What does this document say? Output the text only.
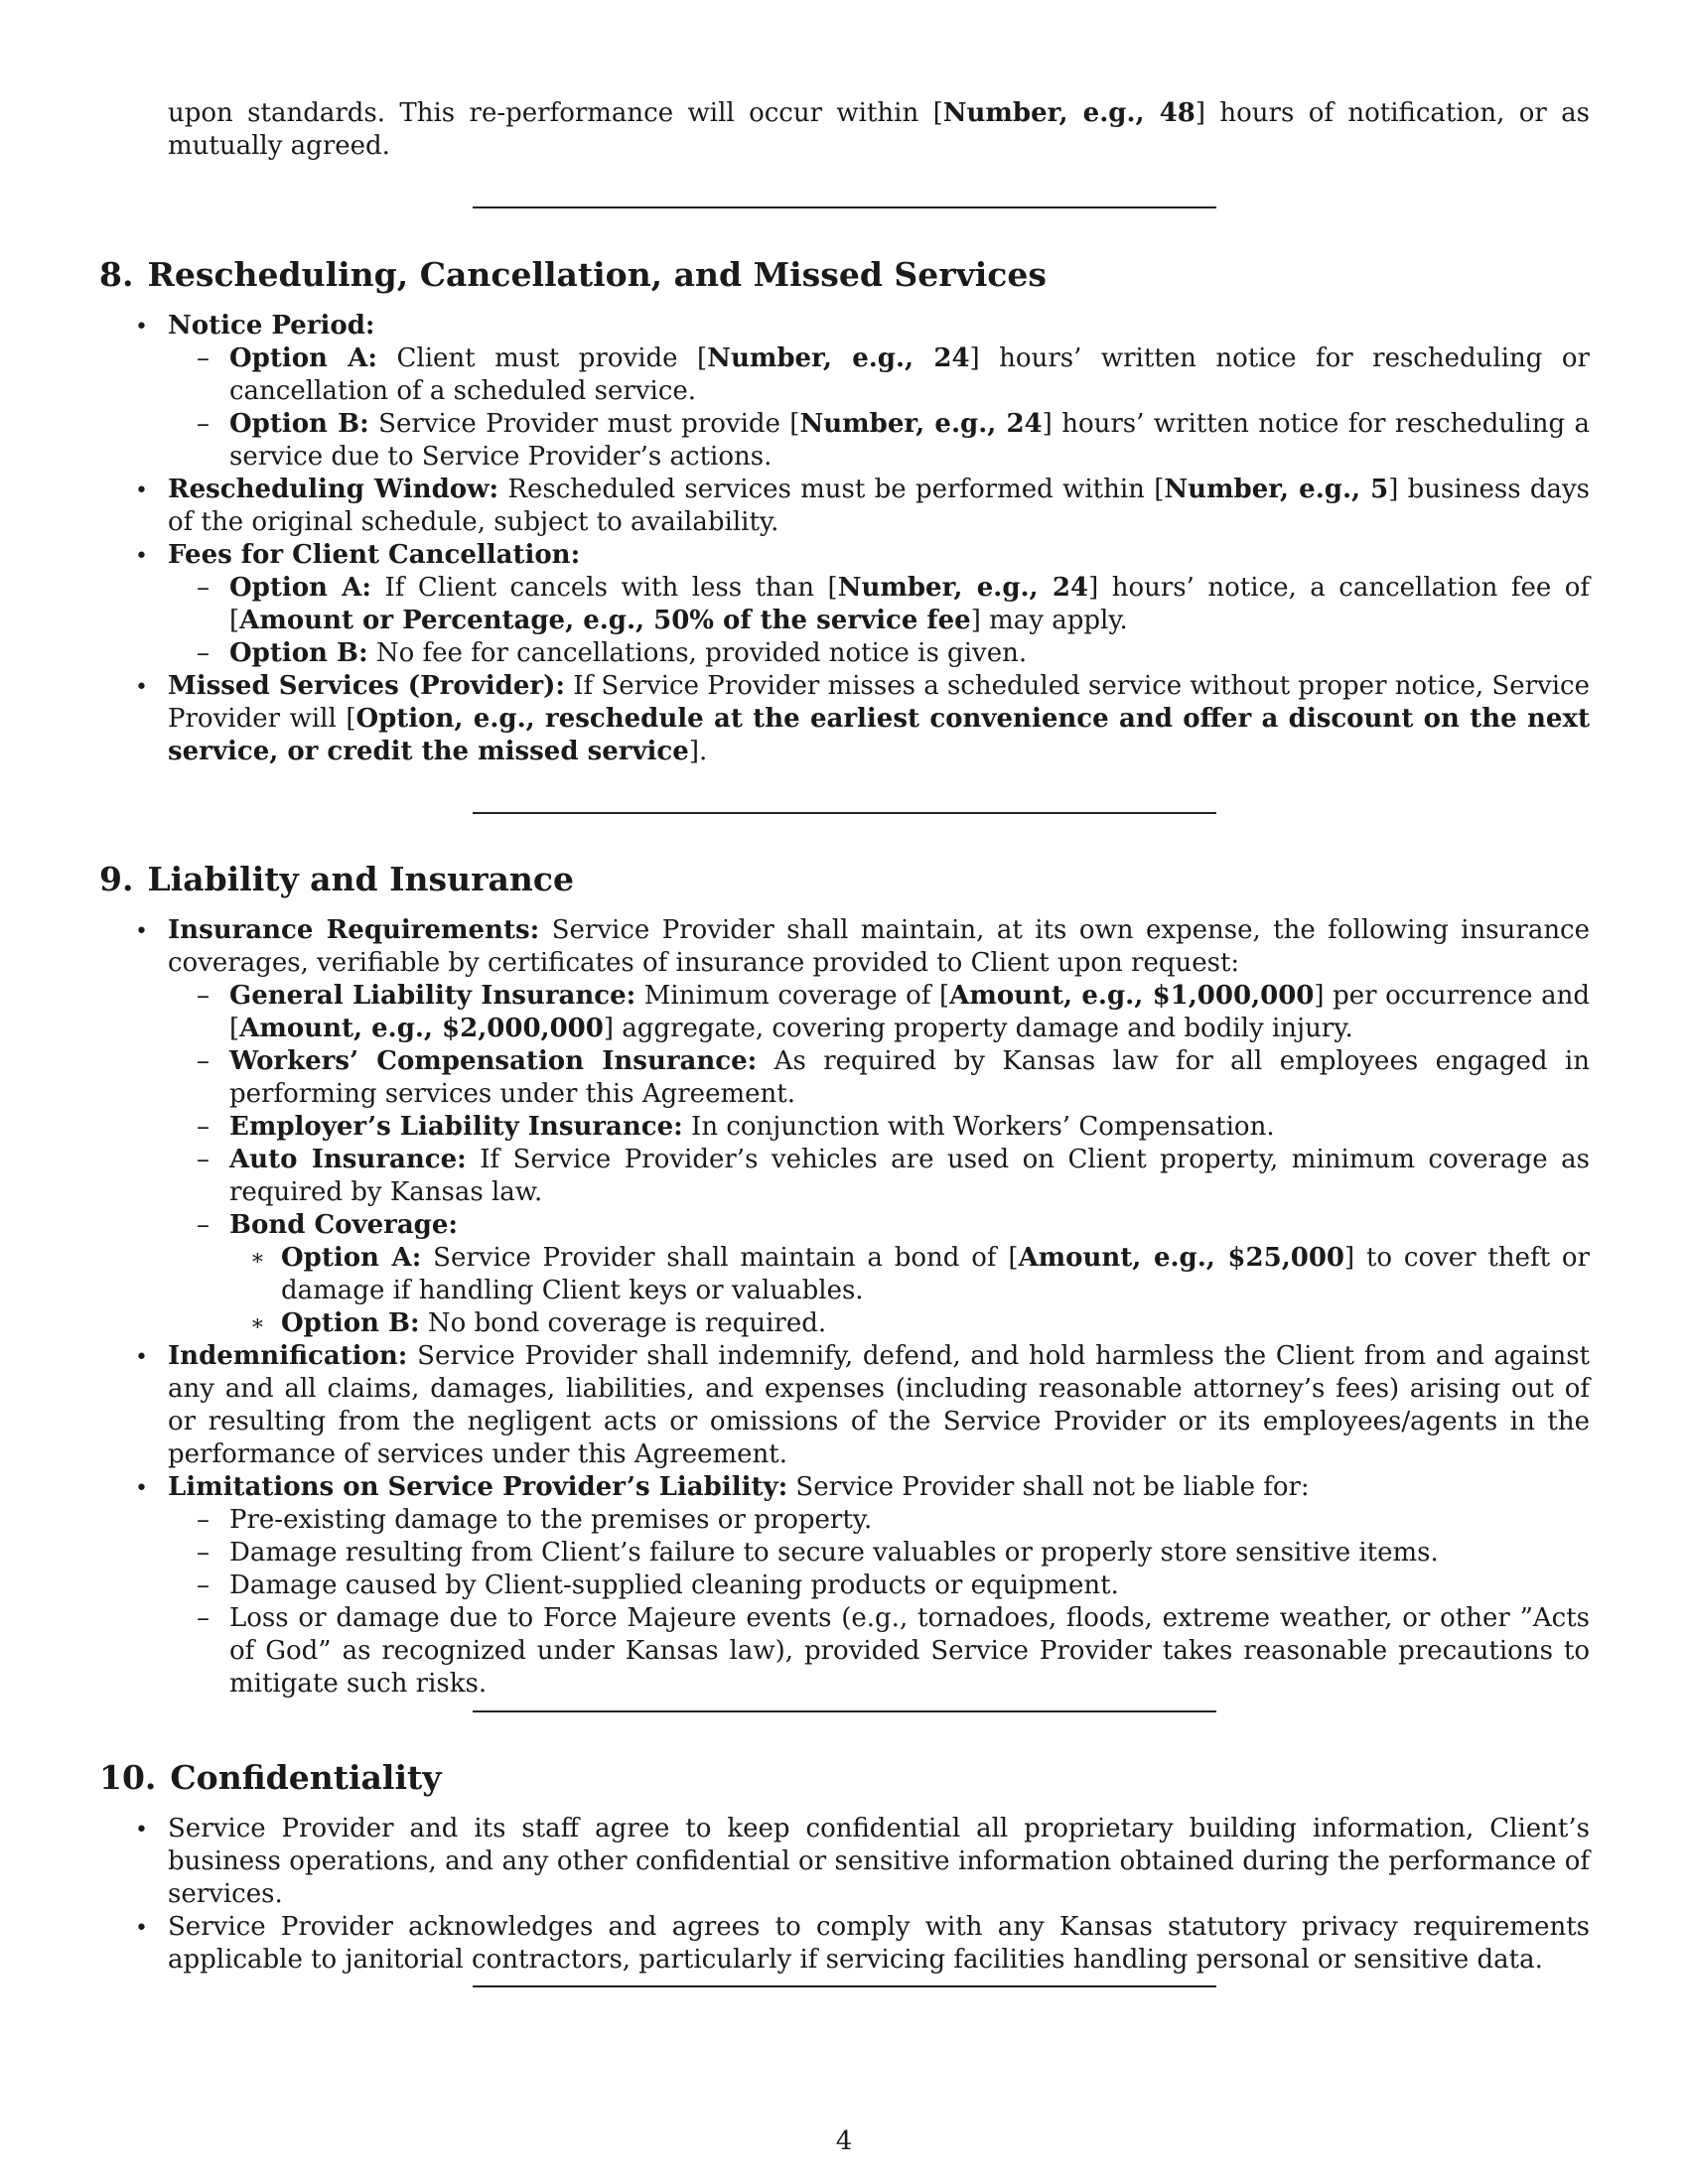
upon standards. This re-performance will occur within [Number, e.g., 48] hours of notification, or as mutually agreed.

8. Rescheduling, Cancellation, and Missed Services
• Notice Period:
– Option A: Client must provide [Number, e.g., 24] hours’ written notice for rescheduling or cancellation of a scheduled service.
– Option B: Service Provider must provide [Number, e.g., 24] hours’ written notice for rescheduling a service due to Service Provider’s actions.
• Rescheduling Window: Rescheduled services must be performed within [Number, e.g., 5] business days of the original schedule, subject to availability.
• Fees for Client Cancellation:
– Option A: If Client cancels with less than [Number, e.g., 24] hours’ notice, a cancellation fee of [Amount or Percentage, e.g., 50% of the service fee] may apply.
– Option B: No fee for cancellations, provided notice is given.
• Missed Services (Provider): If Service Provider misses a scheduled service without proper notice, Service Provider will [Option, e.g., reschedule at the earliest convenience and offer a discount on the next service, or credit the missed service].
9. Liability and Insurance
• Insurance Requirements: Service Provider shall maintain, at its own expense, the following insurance coverages, verifiable by certificates of insurance provided to Client upon request:
– General Liability Insurance: Minimum coverage of [Amount, e.g., $1,000,000] per occurrence and [Amount, e.g., $2,000,000] aggregate, covering property damage and bodily injury.
– Workers’ Compensation Insurance: As required by Kansas law for all employees engaged in performing services under this Agreement.
– Employer’s Liability Insurance: In conjunction with Workers’ Compensation.
– Auto Insurance: If Service Provider’s vehicles are used on Client property, minimum coverage as required by Kansas law.
– Bond Coverage:
∗ Option A: Service Provider shall maintain a bond of [Amount, e.g., $25,000] to cover theft or damage if handling Client keys or valuables.
∗ Option B: No bond coverage is required.
• Indemnification: Service Provider shall indemnify, defend, and hold harmless the Client from and against any and all claims, damages, liabilities, and expenses (including reasonable attorney’s fees) arising out of or resulting from the negligent acts or omissions of the Service Provider or its employees/agents in the performance of services under this Agreement.
• Limitations on Service Provider’s Liability: Service Provider shall not be liable for:
– Pre-existing damage to the premises or property.
– Damage resulting from Client’s failure to secure valuables or properly store sensitive items.
– Damage caused by Client-supplied cleaning products or equipment.
– Loss or damage due to Force Majeure events (e.g., tornadoes, floods, extreme weather, or other ”Acts of God” as recognized under Kansas law), provided Service Provider takes reasonable precautions to mitigate such risks.
10. Confidentiality
• Service Provider and its staff agree to keep confidential all proprietary building information, Client’s business operations, and any other confidential or sensitive information obtained during the performance of services.
• Service Provider acknowledges and agrees to comply with any Kansas statutory privacy requirements applicable to janitorial contractors, particularly if servicing facilities handling personal or sensitive data.
4
